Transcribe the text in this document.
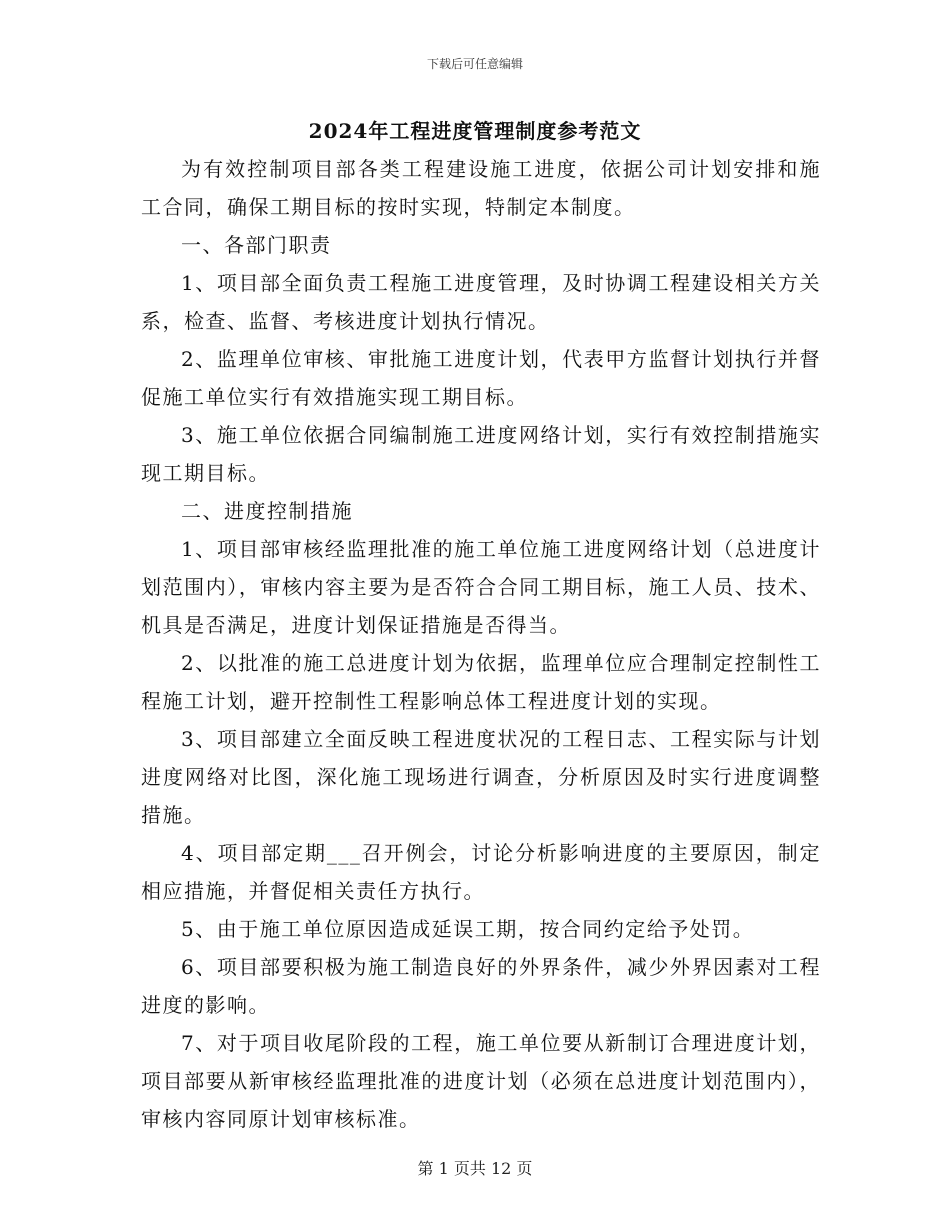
下载后可任意编辑
2024年工程进度管理制度参考范文

为有效控制项目部各类工程建设施工进度，依据公司计划安排和施工合同，确保工期目标的按时实现，特制定本制度。

一、各部门职责

1、项目部全面负责工程施工进度管理，及时协调工程建设相关方关系，检查、监督、考核进度计划执行情况。

2、监理单位审核、审批施工进度计划，代表甲方监督计划执行并督促施工单位实行有效措施实现工期目标。

3、施工单位依据合同编制施工进度网络计划，实行有效控制措施实现工期目标。

二、进度控制措施

1、项目部审核经监理批准的施工单位施工进度网络计划（总进度计划范围内），审核内容主要为是否符合合同工期目标，施工人员、技术、机具是否满足，进度计划保证措施是否得当。

2、以批准的施工总进度计划为依据，监理单位应合理制定控制性工程施工计划，避开控制性工程影响总体工程进度计划的实现。

3、项目部建立全面反映工程进度状况的工程日志、工程实际与计划进度网络对比图，深化施工现场进行调查，分析原因及时实行进度调整措施。

4、项目部定期___召开例会，讨论分析影响进度的主要原因，制定相应措施，并督促相关责任方执行。

5、由于施工单位原因造成延误工期，按合同约定给予处罚。

6、项目部要积极为施工制造良好的外界条件，减少外界因素对工程进度的影响。

7、对于项目收尾阶段的工程，施工单位要从新制订合理进度计划，项目部要从新审核经监理批准的进度计划（必须在总进度计划范围内），审核内容同原计划审核标准。

第 1 页共 12 页
